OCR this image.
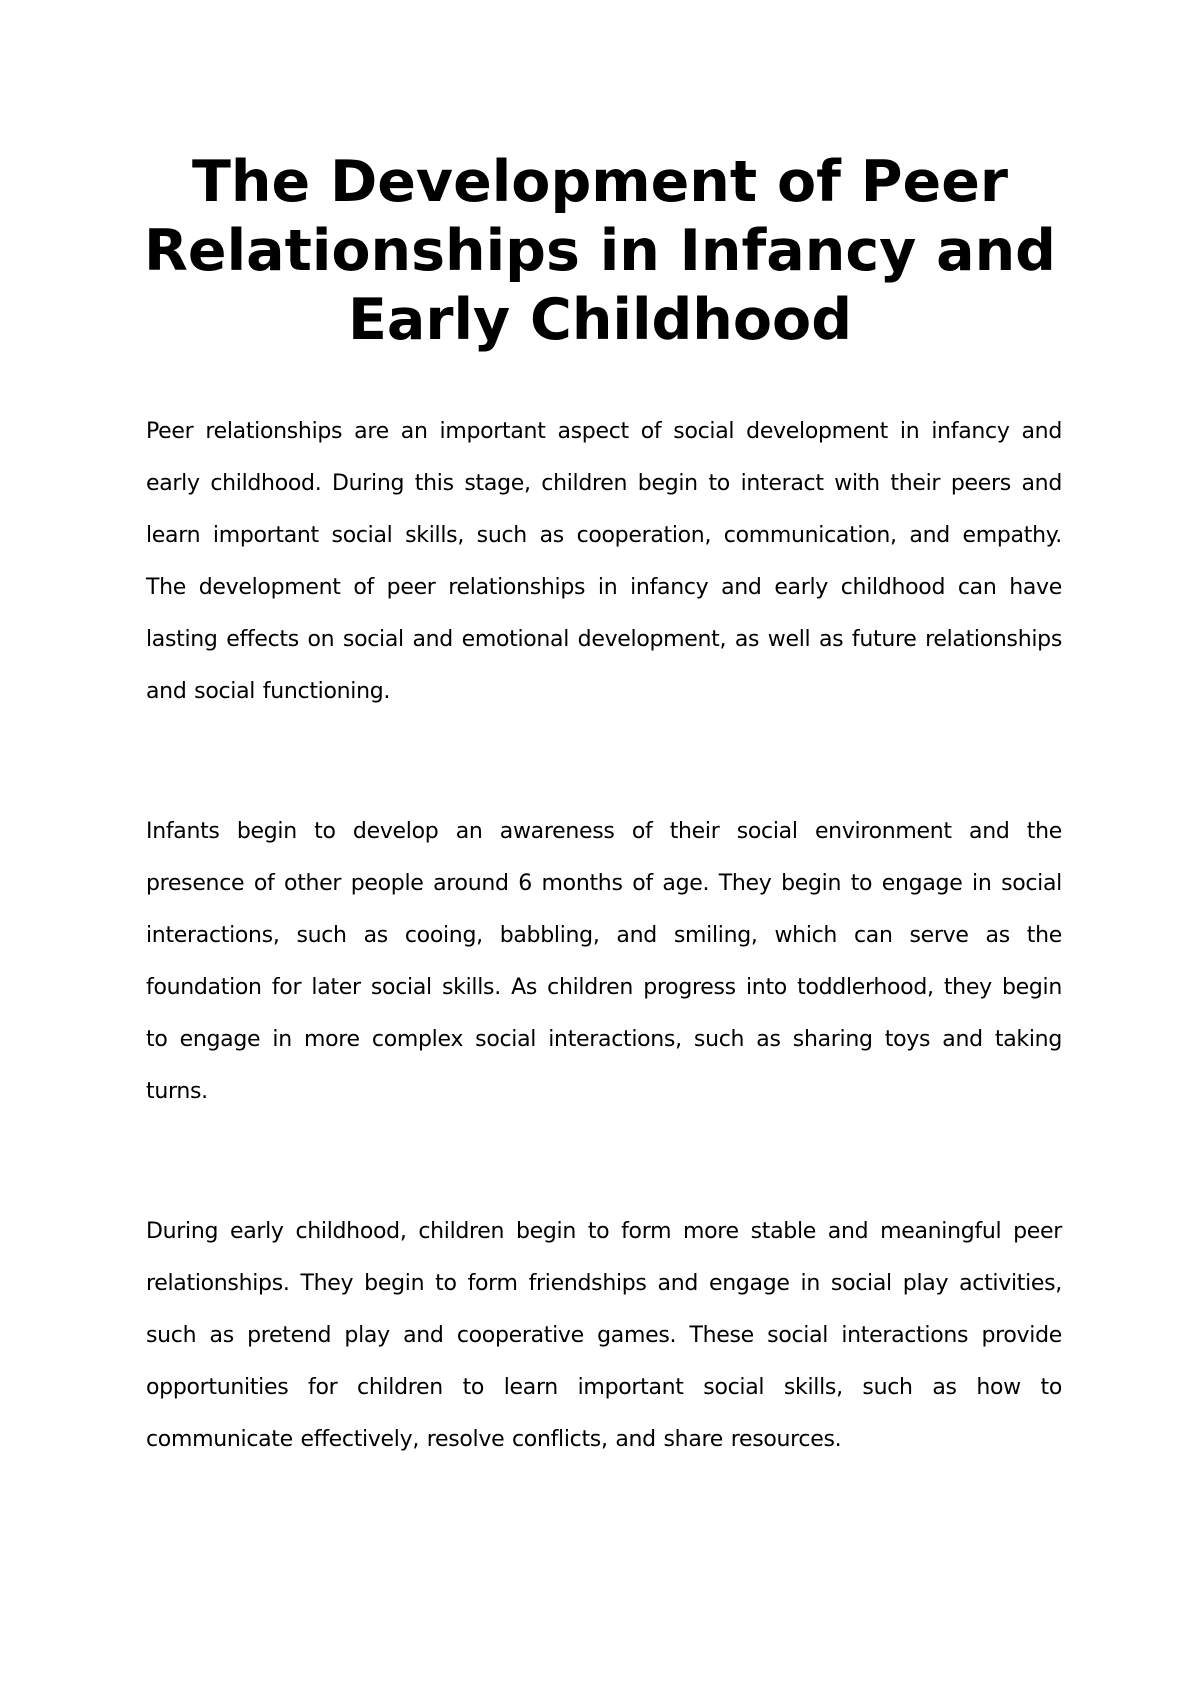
The Development of Peer Relationships in Infancy and Early Childhood

Peer relationships are an important aspect of social development in infancy and early childhood. During this stage, children begin to interact with their peers and learn important social skills, such as cooperation, communication, and empathy. The development of peer relationships in infancy and early childhood can have lasting effects on social and emotional development, as well as future relationships and social functioning.

Infants begin to develop an awareness of their social environment and the presence of other people around 6 months of age. They begin to engage in social interactions, such as cooing, babbling, and smiling, which can serve as the foundation for later social skills. As children progress into toddlerhood, they begin to engage in more complex social interactions, such as sharing toys and taking turns.

During early childhood, children begin to form more stable and meaningful peer relationships. They begin to form friendships and engage in social play activities, such as pretend play and cooperative games. These social interactions provide opportunities for children to learn important social skills, such as how to communicate effectively, resolve conflicts, and share resources.
